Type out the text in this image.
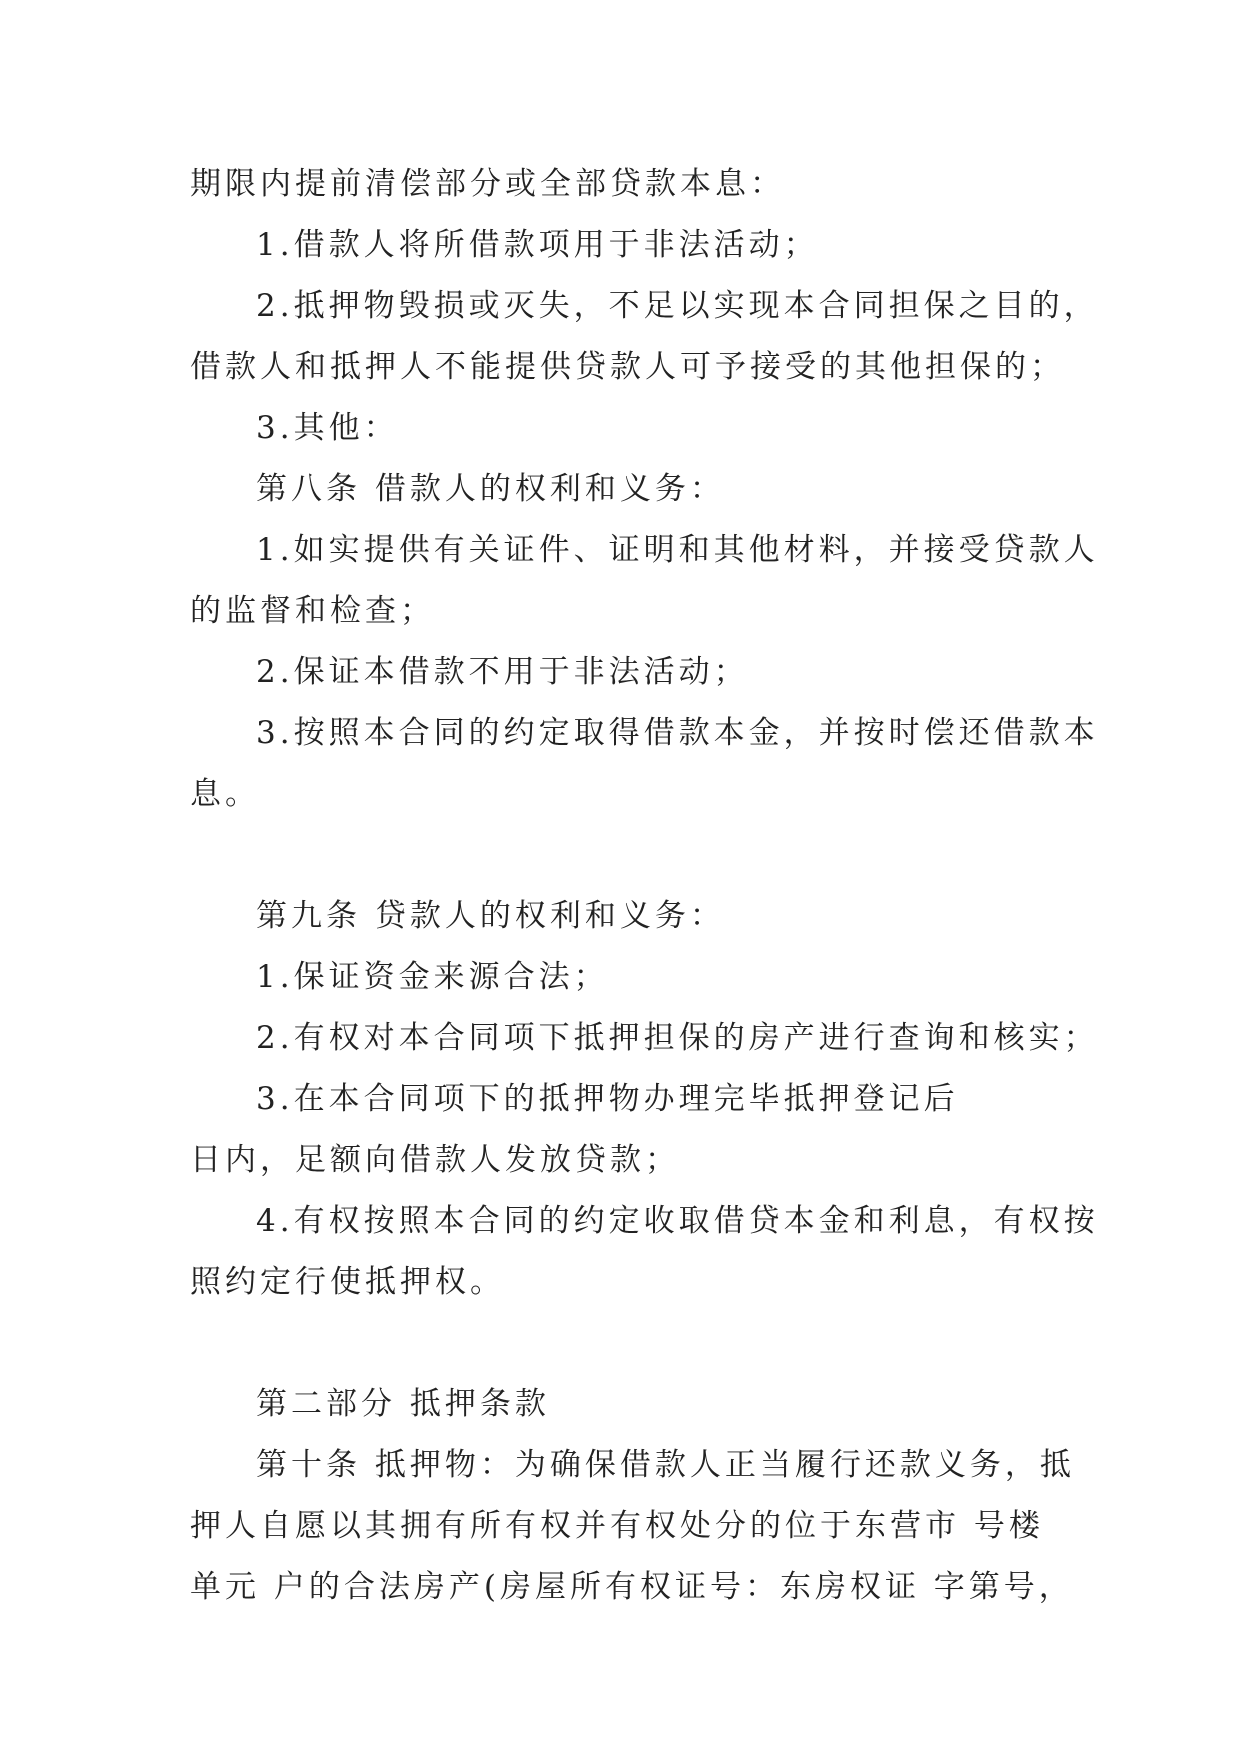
期限内提前清偿部分或全部贷款本息：

1.借款人将所借款项用于非法活动；

2.抵押物毁损或灭失，不足以实现本合同担保之目的，

借款人和抵押人不能提供贷款人可予接受的其他担保的；

3.其他：

第八条 借款人的权利和义务：

1.如实提供有关证件、证明和其他材料，并接受贷款人

的监督和检查；

2.保证本借款不用于非法活动；

3.按照本合同的约定取得借款本金，并按时偿还借款本

息。

第九条 贷款人的权利和义务：

1.保证资金来源合法；

2.有权对本合同项下抵押担保的房产进行查询和核实；

3.在本合同项下的抵押物办理完毕抵押登记后

日内，足额向借款人发放贷款；

4.有权按照本合同的约定收取借贷本金和利息，有权按

照约定行使抵押权。

第二部分 抵押条款

第十条 抵押物：为确保借款人正当履行还款义务，抵

押人自愿以其拥有所有权并有权处分的位于东营市 号楼

单元 户的合法房产(房屋所有权证号：东房权证 字第号，
